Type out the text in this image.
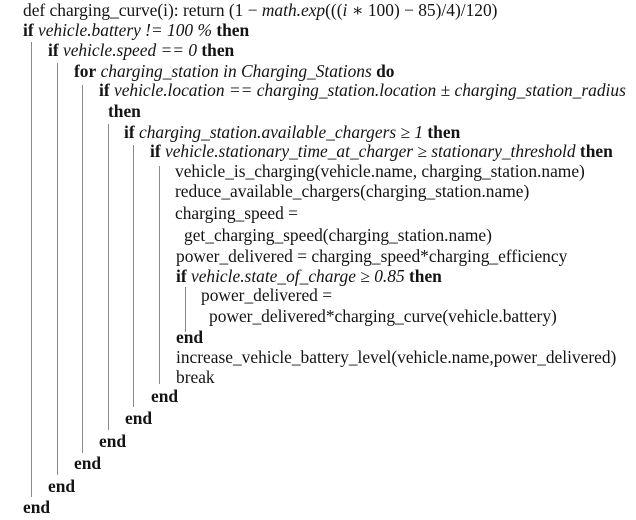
def charging_curve(i): return (1 − math.exp(((i ∗ 100) − 85)/4)/120)
if vehicle.battery != 100 % then
if vehicle.speed == 0 then
for charging_station in Charging_Stations do
if vehicle.location == charging_station.location ± charging_station_radius
then
if charging_station.available_chargers ≥ 1 then
if vehicle.stationary_time_at_charger ≥ stationary_threshold then
vehicle_is_charging(vehicle.name, charging_station.name)
reduce_available_chargers(charging_station.name)
charging_speed =
get_charging_speed(charging_station.name)
power_delivered = charging_speed*charging_efficiency
if vehicle.state_of_charge ≥ 0.85 then
power_delivered =
power_delivered*charging_curve(vehicle.battery)
end
increase_vehicle_battery_level(vehicle.name,power_delivered)
break
end
end
end
end
end
end
